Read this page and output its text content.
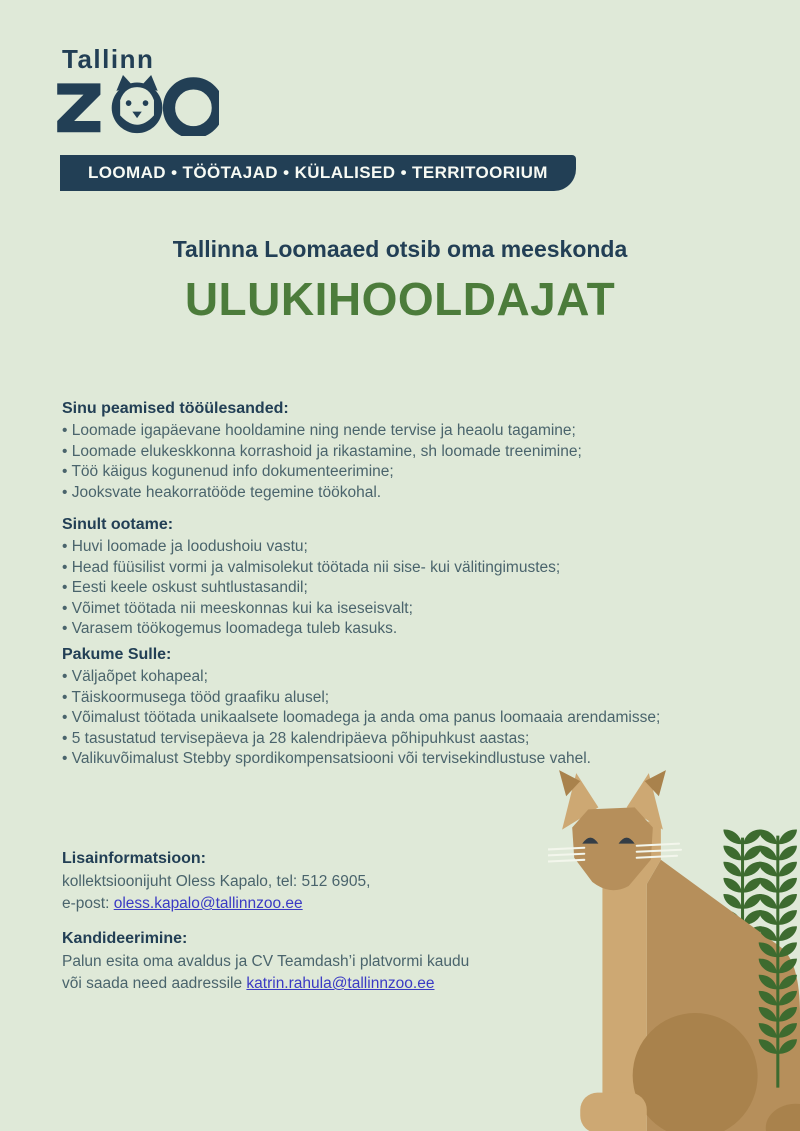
Tallinn
LOOMAD • TÖÖTAJAD • KÜLALISED • TERRITOORIUM
Tallinna Loomaaed otsib oma meeskonda
ULUKIHOOLDAJAT
Sinu peamised tööülesanded:
• Loomade igapäevane hooldamine ning nende tervise ja heaolu tagamine;
• Loomade elukeskkonna korrashoid ja rikastamine, sh loomade treenimine;
• Töö käigus kogunenud info dokumenteerimine;
• Jooksvate heakorratööde tegemine töökohal.
Sinult ootame:
• Huvi loomade ja loodushoiu vastu;
• Head füüsilist vormi ja valmisolekut töötada nii sise- kui välitingimustes;
• Eesti keele oskust suhtlustasandil;
• Võimet töötada nii meeskonnas kui ka iseseisvalt;
• Varasem töökogemus loomadega tuleb kasuks.
Pakume Sulle:
• Väljaõpet kohapeal;
• Täiskoormusega tööd graafiku alusel;
• Võimalust töötada unikaalsete loomadega ja anda oma panus loomaaia arendamisse;
• 5 tasustatud tervisepäeva ja 28 kalendripäeva põhipuhkust aastas;
• Valikuvõimalust Stebby spordikompensatsiooni või tervisekindlustuse vahel.
Lisainformatsioon:

kollektsioonijuht Oless Kapalo, tel: 512 6905,

e-post: oless.kapalo@tallinnzoo.ee

Kandideerimine:

Palun esita oma avaldus ja CV Teamdash’i platvormi kaudu

või saada need aadressile katrin.rahula@tallinnzoo.ee
